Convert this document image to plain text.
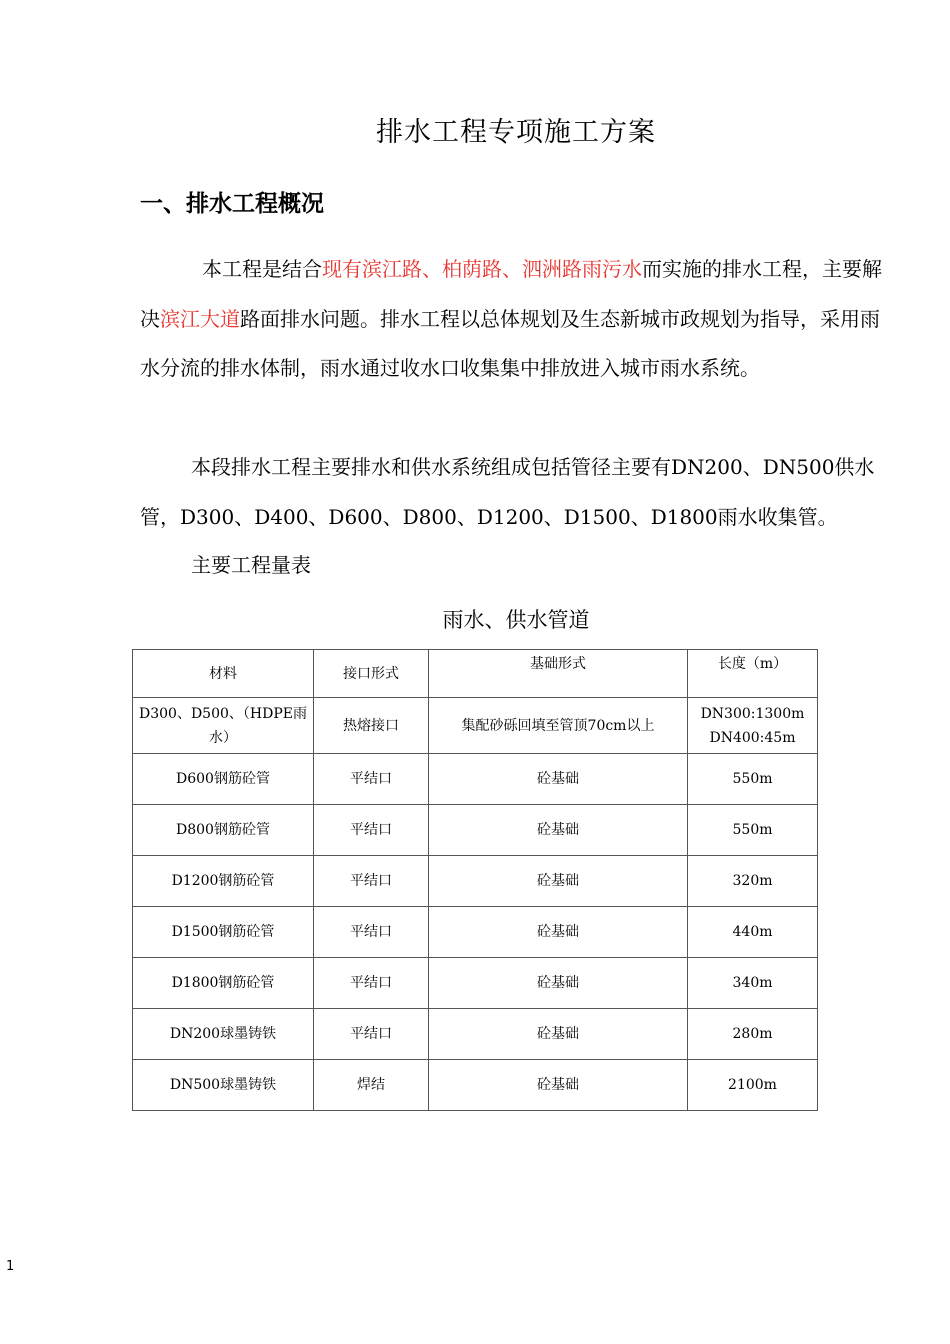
排水工程专项施工方案
一、排水工程概况

本工程是结合现有滨江路、柏荫路、泗洲路雨污水而实施的排水工程，主要解决滨江大道路面排水问题。排水工程以总体规划及生态新城市政规划为指导，采用雨水分流的排水体制，雨水通过收水口收集集中排放进入城市雨水系统。

本段排水工程主要排水和供水系统组成包括管径主要有DN200、DN500供水管，D300、D400、D600、D800、D1200、D1500、D1800雨水收集管。

主要工程量表

雨水、供水管道

材料	接口形式	基础形式	长度（m）
D300、D500、（HDPE雨水）	热熔接口	集配砂砾回填至管顶70cm以上	DN300:1300m
DN400:45m

D600钢筋砼管	平结口	砼基础	550m

D800钢筋砼管	平结口	砼基础	550m

D1200钢筋砼管	平结口	砼基础	320m

D1500钢筋砼管	平结口	砼基础	440m

D1800钢筋砼管	平结口	砼基础	340m

DN200球墨铸铁	平结口	砼基础	280m

DN500球墨铸铁	焊结	砼基础	2100m

1
